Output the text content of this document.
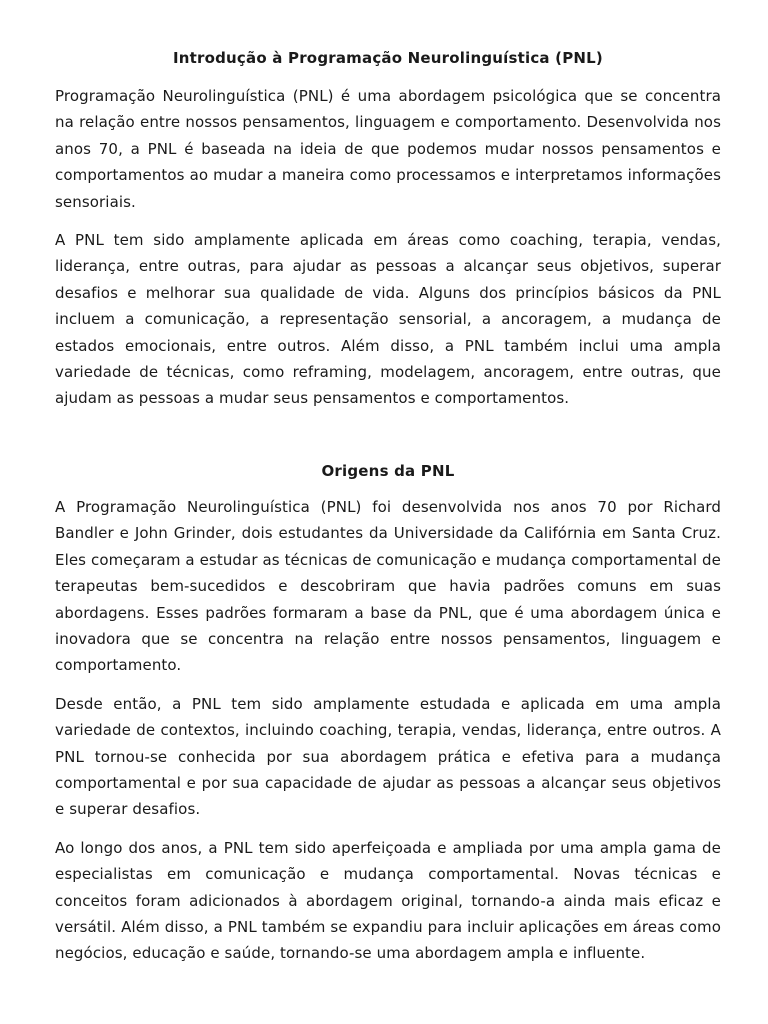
Introdução à Programação Neurolinguística (PNL)

Programação Neurolinguística (PNL) é uma abordagem psicológica que se concentra na relação entre nossos pensamentos, linguagem e comportamento. Desenvolvida nos anos 70, a PNL é baseada na ideia de que podemos mudar nossos pensamentos e comportamentos ao mudar a maneira como processamos e interpretamos informações sensoriais.

A PNL tem sido amplamente aplicada em áreas como coaching, terapia, vendas, liderança, entre outras, para ajudar as pessoas a alcançar seus objetivos, superar desafios e melhorar sua qualidade de vida. Alguns dos princípios básicos da PNL incluem a comunicação, a representação sensorial, a ancoragem, a mudança de estados emocionais, entre outros. Além disso, a PNL também inclui uma ampla variedade de técnicas, como reframing, modelagem, ancoragem, entre outras, que ajudam as pessoas a mudar seus pensamentos e comportamentos.

Origens da PNL

A Programação Neurolinguística (PNL) foi desenvolvida nos anos 70 por Richard Bandler e John Grinder, dois estudantes da Universidade da Califórnia em Santa Cruz. Eles começaram a estudar as técnicas de comunicação e mudança comportamental de terapeutas bem-sucedidos e descobriram que havia padrões comuns em suas abordagens. Esses padrões formaram a base da PNL, que é uma abordagem única e inovadora que se concentra na relação entre nossos pensamentos, linguagem e comportamento.

Desde então, a PNL tem sido amplamente estudada e aplicada em uma ampla variedade de contextos, incluindo coaching, terapia, vendas, liderança, entre outros. A PNL tornou-se conhecida por sua abordagem prática e efetiva para a mudança comportamental e por sua capacidade de ajudar as pessoas a alcançar seus objetivos e superar desafios.

Ao longo dos anos, a PNL tem sido aperfeiçoada e ampliada por uma ampla gama de especialistas em comunicação e mudança comportamental. Novas técnicas e conceitos foram adicionados à abordagem original, tornando-a ainda mais eficaz e versátil. Além disso, a PNL também se expandiu para incluir aplicações em áreas como negócios, educação e saúde, tornando-se uma abordagem ampla e influente.
